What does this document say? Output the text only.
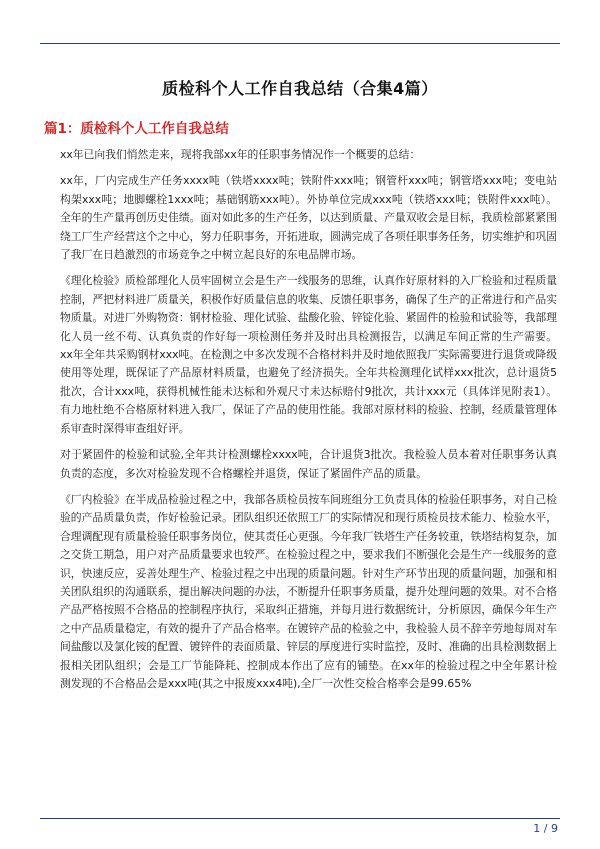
质检科个人工作自我总结（合集4篇）
篇1：质检科个人工作自我总结

xx年已向我们悄然走来，现将我部xx年的任职事务情况作一个概要的总结：

xx年，厂内完成生产任务xxxx吨（铁塔xxxx吨；铁附件xxx吨；钢管杆xxx吨；钢管塔xxx吨；变电站构架xxx吨；地脚螺栓1xxx吨；基础钢筋xxx吨）。外协单位完成xxx吨（铁塔xxx吨；铁附件xxx吨）。全年的生产量再创历史佳绩。面对如此多的生产任务，以达到质量、产量双收会是目标，我质检部紧紧围绕工厂生产经营这个之中心，努力任职事务，开拓进取，圆满完成了各项任职事务任务，切实维护和巩固了我厂在日趋激烈的市场竞争之中树立起良好的东电品牌市场。

《理化检验》质检部理化人员牢固树立会是生产一线服务的思维，认真作好原材料的入厂检验和过程质量控制，严把材料进厂质量关，积极作好质量信息的收集、反馈任职事务，确保了生产的正常进行和产品实物质量。对进厂外购物资：钢材检验、理化试验、盐酸化验、锌锭化验、紧固件的检验和试验等，我部理化人员一丝不苟、认真负责的作好每一项检测任务并及时出具检测报告，以满足车间正常的生产需要。xx年全年共采购钢材xxx吨。在检测之中多次发现不合格材料并及时地依照我厂实际需要进行退货或降级使用等处理，既保证了产品原材料质量，也避免了经济损失。全年共检测理化试样xxx批次，总计退货5批次，合计xxx吨，获得机械性能未达标和外观尺寸未达标赔付9批次，共计xxx元（具体详见附表1）。有力地杜绝不合格原材料进入我厂，保证了产品的使用性能。我部对原材料的检验、控制，经质量管理体系审查时深得审查组好评。

对于紧固件的检验和试验,全年共计检测螺栓xxxx吨，合计退货3批次。我检验人员本着对任职事务认真负责的态度，多次对检验发现不合格螺栓并退货，保证了紧固件产品的质量。

《厂内检验》在半成品检验过程之中，我部各质检员按车间班组分工负责具体的检验任职事务，对自己检验的产品质量负责，作好检验记录。团队组织还依照工厂的实际情况和现行质检员技术能力、检验水平，合理调配现有质量检验任职事务岗位，使其责任心更强。今年我厂铁塔生产任务较重，铁塔结构复杂，加之交货工期急，用户对产品质量要求也较严。在检验过程之中，要求我们不断强化会是生产一线服务的意识，快速反应，妥善处理生产、检验过程之中出现的质量问题。针对生产环节出现的质量问题，加强和相关团队组织的沟通联系，提出解决问题的办法，不断提升任职事务质量，提升处理问题的效果。对不合格产品严格按照不合格品的控制程序执行，采取纠正措施，并每月进行数据统计，分析原因，确保今年生产之中产品质量稳定，有效的提升了产品合格率。在镀锌产品的检验之中，我检验人员不辞辛劳地每周对车间盐酸以及氯化铵的配置、镀锌件的表面质量、锌层的厚度进行实时监控，及时、准确的出具检测数据上报相关团队组织；会是工厂节能降耗、控制成本作出了应有的铺垫。在xx年的检验过程之中全年累计检测发现的不合格品会是xxx吨(其之中报废xxx4吨),全厂一次性交检合格率会是99.65%

1 / 9
